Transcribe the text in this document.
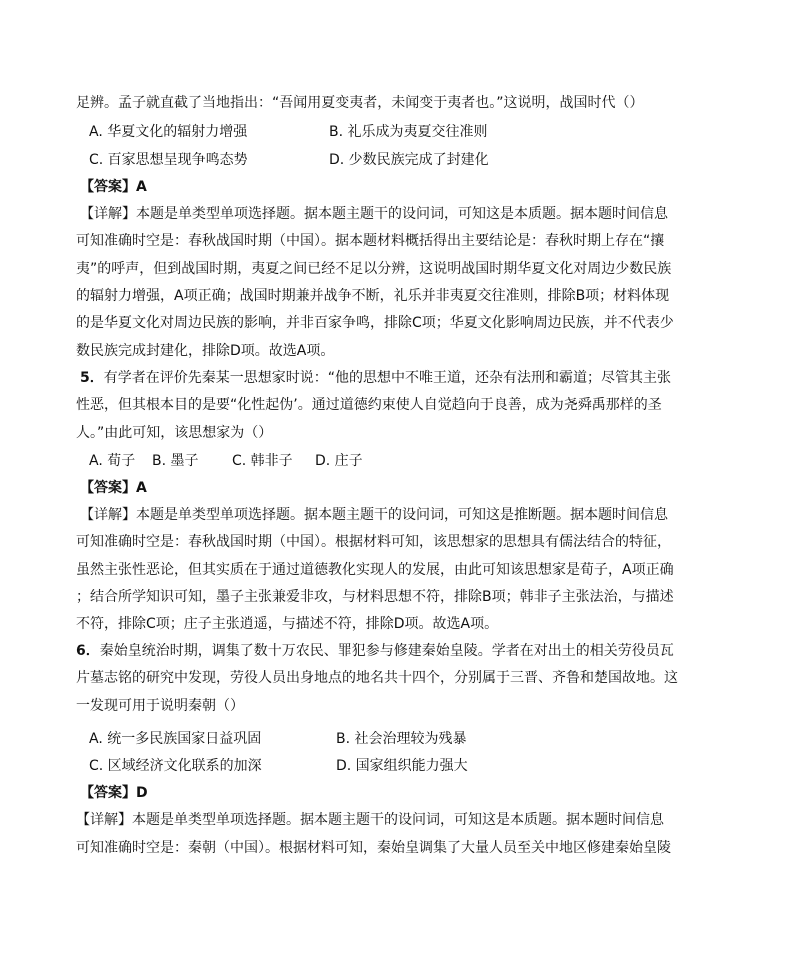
足辨。孟子就直截了当地指出：“吾闻用夏变夷者，未闻变于夷者也。”这说明，战国时代（）
A. 华夏文化的辐射力增强	B. 礼乐成为夷夏交往准则
C. 百家思想呈现争鸣态势	D. 少数民族完成了封建化
【答案】A
【详解】本题是单类型单项选择题。据本题主题干的设问词，可知这是本质题。据本题时间信息
可知准确时空是：春秋战国时期（中国）。据本题材料概括得出主要结论是：春秋时期上存在“攘
夷”的呼声，但到战国时期，夷夏之间已经不足以分辨，这说明战国时期华夏文化对周边少数民族
的辐射力增强，A项正确；战国时期兼并战争不断，礼乐并非夷夏交往准则，排除B项；材料体现
的是华夏文化对周边民族的影响，并非百家争鸣，排除C项；华夏文化影响周边民族，并不代表少
数民族完成封建化，排除D项。故选A项。
5．有学者在评价先秦某一思想家时说：“他的思想中不唯王道，还杂有法刑和霸道；尽管其主张
性恶，但其根本目的是要“化性起伪’。通过道德约束使人自觉趋向于良善，成为尧舜禹那样的圣
人。”由此可知，该思想家为（）
A. 荀子 B. 墨子 C. 韩非子 D. 庄子
【答案】A
【详解】本题是单类型单项选择题。据本题主题干的设问词，可知这是推断题。据本题时间信息
可知准确时空是：春秋战国时期（中国）。根据材料可知，该思想家的思想具有儒法结合的特征，
虽然主张性恶论，但其实质在于通过道德教化实现人的发展，由此可知该思想家是荀子，A项正确
；结合所学知识可知，墨子主张兼爱非攻，与材料思想不符，排除B项；韩非子主张法治，与描述
不符，排除C项；庄子主张逍遥，与描述不符，排除D项。故选A项。
6．秦始皇统治时期，调集了数十万农民、罪犯参与修建秦始皇陵。学者在对出土的相关劳役员瓦
片墓志铭的研究中发现，劳役人员出身地点的地名共十四个，分别属于三晋、齐鲁和楚国故地。这
一发现可用于说明秦朝（）
A. 统一多民族国家日益巩固	B. 社会治理较为残暴
C. 区域经济文化联系的加深	D. 国家组织能力强大
【答案】D
【详解】本题是单类型单项选择题。据本题主题干的设问词，可知这是本质题。据本题时间信息
可知准确时空是：秦朝（中国）。根据材料可知，秦始皇调集了大量人员至关中地区修建秦始皇陵
